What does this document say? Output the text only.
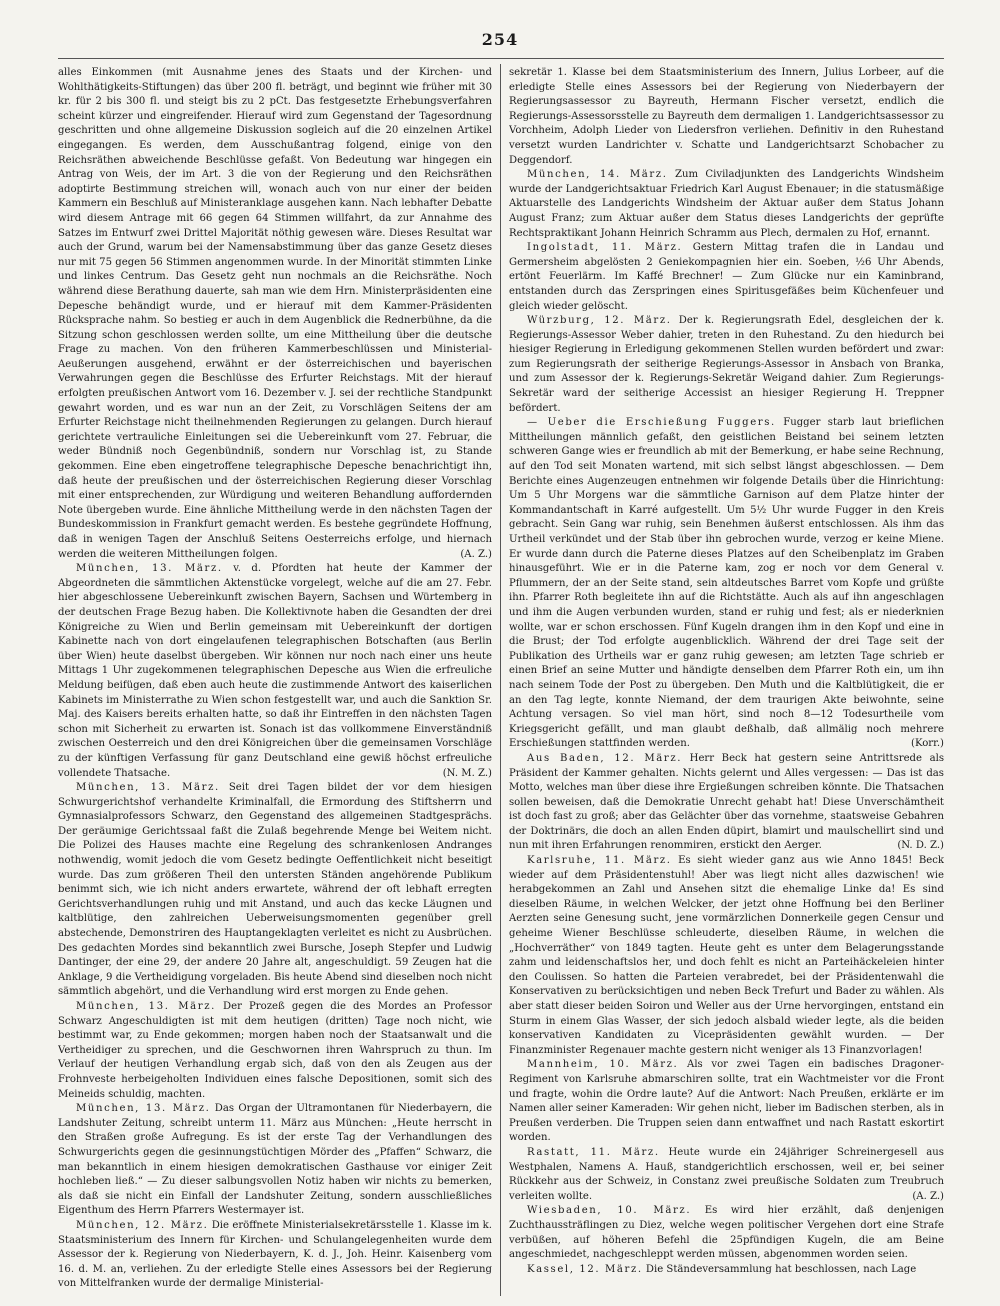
254

alles Einkommen (mit Ausnahme jenes des Staats und der Kirchen- und Wohlthätigkeits-Stiftungen) das über 200 fl. beträgt, und beginnt wie früher mit 30 kr. für 2 bis 300 fl. und steigt bis zu 2 pCt. Das festgesetzte Erhebungsverfahren scheint kürzer und eingreifender. Hierauf wird zum Gegenstand der Tagesordnung geschritten und ohne allgemeine Diskussion sogleich auf die 20 einzelnen Artikel eingegangen. Es werden, dem Ausschußantrag folgend, einige von den Reichsräthen abweichende Beschlüsse gefaßt. Von Bedeutung war hingegen ein Antrag von Weis, der im Art. 3 die von der Regierung und den Reichsräthen adoptirte Bestimmung streichen will, wonach auch von nur einer der beiden Kammern ein Beschluß auf Ministeranklage ausgehen kann. Nach lebhafter Debatte wird diesem Antrage mit 66 gegen 64 Stimmen willfahrt, da zur Annahme des Satzes im Entwurf zwei Drittel Majorität nöthig gewesen wäre. Dieses Resultat war auch der Grund, warum bei der Namensabstimmung über das ganze Gesetz dieses nur mit 75 gegen 56 Stimmen angenommen wurde. In der Minorität stimmten Linke und linkes Centrum. Das Gesetz geht nun nochmals an die Reichsräthe. Noch während diese Berathung dauerte, sah man wie dem Hrn. Ministerpräsidenten eine Depesche behändigt wurde, und er hierauf mit dem Kammer-Präsidenten Rücksprache nahm. So bestieg er auch in dem Augenblick die Rednerbühne, da die Sitzung schon geschlossen werden sollte, um eine Mittheilung über die deutsche Frage zu machen. Von den früheren Kammerbeschlüssen und Ministerial-Aeußerungen ausgehend, erwähnt er der österreichischen und bayerischen Verwahrungen gegen die Beschlüsse des Erfurter Reichstags. Mit der hierauf erfolgten preußischen Antwort vom 16. Dezember v. J. sei der rechtliche Standpunkt gewahrt worden, und es war nun an der Zeit, zu Vorschlägen Seitens der am Erfurter Reichstage nicht theilnehmenden Regierungen zu gelangen. Durch hierauf gerichtete vertrauliche Einleitungen sei die Uebereinkunft vom 27. Februar, die weder Bündniß noch Gegenbündniß, sondern nur Vorschlag ist, zu Stande gekommen. Eine eben eingetroffene telegraphische Depesche benachrichtigt ihn, daß heute der preußischen und der österreichischen Regierung dieser Vorschlag mit einer entsprechenden, zur Würdigung und weiteren Behandlung auffordernden Note übergeben wurde. Eine ähnliche Mittheilung werde in den nächsten Tagen der Bundeskommission in Frankfurt gemacht werden. Es bestehe gegründete Hoffnung, daß in wenigen Tagen der Anschluß Seitens Oesterreichs erfolge, und hiernach werden die weiteren Mittheilungen folgen.	(A. Z.)

München, 13. März. v. d. Pfordten hat heute der Kammer der Abgeordneten die sämmtlichen Aktenstücke vorgelegt, welche auf die am 27. Febr. hier abgeschlossene Uebereinkunft zwischen Bayern, Sachsen und Würtemberg in der deutschen Frage Bezug haben. Die Kollektivnote haben die Gesandten der drei Königreiche zu Wien und Berlin gemeinsam mit Uebereinkunft der dortigen Kabinette nach von dort eingelaufenen telegraphischen Botschaften (aus Berlin über Wien) heute daselbst übergeben. Wir können nur noch nach einer uns heute Mittags 1 Uhr zugekommenen telegraphischen Depesche aus Wien die erfreuliche Meldung beifügen, daß eben auch heute die zustimmende Antwort des kaiserlichen Kabinets im Ministerrathe zu Wien schon festgestellt war, und auch die Sanktion Sr. Maj. des Kaisers bereits erhalten hatte, so daß ihr Eintreffen in den nächsten Tagen schon mit Sicherheit zu erwarten ist. Sonach ist das vollkommene Einverständniß zwischen Oesterreich und den drei Königreichen über die gemeinsamen Vorschläge zu der künftigen Verfassung für ganz Deutschland eine gewiß höchst erfreuliche vollendete Thatsache.	(N. M. Z.)

München, 13. März. Seit drei Tagen bildet der vor dem hiesigen Schwurgerichtshof verhandelte Kriminalfall, die Ermordung des Stiftsherrn und Gymnasialprofessors Schwarz, den Gegenstand des allgemeinen Stadtgesprächs. Der geräumige Gerichtssaal faßt die Zulaß begehrende Menge bei Weitem nicht. Die Polizei des Hauses machte eine Regelung des schrankenlosen Andranges nothwendig, womit jedoch die vom Gesetz bedingte Oeffentlichkeit nicht beseitigt wurde. Das zum größeren Theil den untersten Ständen angehörende Publikum benimmt sich, wie ich nicht anders erwartete, während der oft lebhaft erregten Gerichtsverhandlungen ruhig und mit Anstand, und auch das kecke Läugnen und kaltblütige, den zahlreichen Ueberweisungsmomenten gegenüber grell abstechende, Demonstriren des Hauptangeklagten verleitet es nicht zu Ausbrüchen. Des gedachten Mordes sind bekanntlich zwei Bursche, Joseph Stepfer und Ludwig Dantinger, der eine 29, der andere 20 Jahre alt, angeschuldigt. 59 Zeugen hat die Anklage, 9 die Vertheidigung vorgeladen. Bis heute Abend sind dieselben noch nicht sämmtlich abgehört, und die Verhandlung wird erst morgen zu Ende gehen.

München, 13. März. Der Prozeß gegen die des Mordes an Professor Schwarz Angeschuldigten ist mit dem heutigen (dritten) Tage noch nicht, wie bestimmt war, zu Ende gekommen; morgen haben noch der Staatsanwalt und die Vertheidiger zu sprechen, und die Geschwornen ihren Wahrspruch zu thun. Im Verlauf der heutigen Verhandlung ergab sich, daß von den als Zeugen aus der Frohnveste herbeigeholten Individuen eines falsche Depositionen, somit sich des Meineids schuldig, machten.

München, 13. März. Das Organ der Ultramontanen für Niederbayern, die Landshuter Zeitung, schreibt unterm 11. März aus München: „Heute herrscht in den Straßen große Aufregung. Es ist der erste Tag der Verhandlungen des Schwurgerichts gegen die gesinnungstüchtigen Mörder des „Pfaffen“ Schwarz, die man bekanntlich in einem hiesigen demokratischen Gasthause vor einiger Zeit hochleben ließ.“ — Zu dieser salbungsvollen Notiz haben wir nichts zu bemerken, als daß sie nicht ein Einfall der Landshuter Zeitung, sondern ausschließliches Eigenthum des Herrn Pfarrers Westermayer ist.

München, 12. März. Die eröffnete Ministerialsekretärsstelle 1. Klasse im k. Staatsministerium des Innern für Kirchen- und Schulangelegenheiten wurde dem Assessor der k. Regierung von Niederbayern, K. d. J., Joh. Heinr. Kaisenberg vom 16. d. M. an, verliehen. Zu der erledigte Stelle eines Assessors bei der Regierung von Mittelfranken wurde der dermalige Ministerial-

sekretär 1. Klasse bei dem Staatsministerium des Innern, Julius Lorbeer, auf die erledigte Stelle eines Assessors bei der Regierung von Niederbayern der Regierungsassessor zu Bayreuth, Hermann Fischer versetzt, endlich die Regierungs-Assessorsstelle zu Bayreuth dem dermaligen 1. Landgerichtsassessor zu Vorchheim, Adolph Lieder von Liedersfron verliehen. Definitiv in den Ruhestand versetzt wurden Landrichter v. Schatte und Landgerichtsarzt Schobacher zu Deggendorf.

München, 14. März. Zum Civiladjunkten des Landgerichts Windsheim wurde der Landgerichtsaktuar Friedrich Karl August Ebenauer; in die statusmäßige Aktuarstelle des Landgerichts Windsheim der Aktuar außer dem Status Johann August Franz; zum Aktuar außer dem Status dieses Landgerichts der geprüfte Rechtspraktikant Johann Heinrich Schramm aus Plech, dermalen zu Hof, ernannt.

Ingolstadt, 11. März. Gestern Mittag trafen die in Landau und Germersheim abgelösten 2 Geniekompagnien hier ein. Soeben, ½6 Uhr Abends, ertönt Feuerlärm. Im Kaffé Brechner! — Zum Glücke nur ein Kaminbrand, entstanden durch das Zerspringen eines Spiritusgefäßes beim Küchenfeuer und gleich wieder gelöscht.

Würzburg, 12. März. Der k. Regierungsrath Edel, desgleichen der k. Regierungs-Assessor Weber dahier, treten in den Ruhestand. Zu den hiedurch bei hiesiger Regierung in Erledigung gekommenen Stellen wurden befördert und zwar: zum Regierungsrath der seitherige Regierungs-Assessor in Ansbach von Branka, und zum Assessor der k. Regierungs-Sekretär Weigand dahier. Zum Regierungs-Sekretär ward der seitherige Accessist an hiesiger Regierung H. Treppner befördert.

— Ueber die Erschießung Fuggers. Fugger starb laut brieflichen Mittheilungen männlich gefaßt, den geistlichen Beistand bei seinem letzten schweren Gange wies er freundlich ab mit der Bemerkung, er habe seine Rechnung, auf den Tod seit Monaten wartend, mit sich selbst längst abgeschlossen. — Dem Berichte eines Augenzeugen entnehmen wir folgende Details über die Hinrichtung: Um 5 Uhr Morgens war die sämmtliche Garnison auf dem Platze hinter der Kommandantschaft in Karré aufgestellt. Um 5½ Uhr wurde Fugger in den Kreis gebracht. Sein Gang war ruhig, sein Benehmen äußerst entschlossen. Als ihm das Urtheil verkündet und der Stab über ihn gebrochen wurde, verzog er keine Miene. Er wurde dann durch die Paterne dieses Platzes auf den Scheibenplatz im Graben hinausgeführt. Wie er in die Paterne kam, zog er noch vor dem General v. Pflummern, der an der Seite stand, sein altdeutsches Barret vom Kopfe und grüßte ihn. Pfarrer Roth begleitete ihn auf die Richtstätte. Auch als auf ihn angeschlagen und ihm die Augen verbunden wurden, stand er ruhig und fest; als er niederknien wollte, war er schon erschossen. Fünf Kugeln drangen ihm in den Kopf und eine in die Brust; der Tod erfolgte augenblicklich. Während der drei Tage seit der Publikation des Urtheils war er ganz ruhig gewesen; am letzten Tage schrieb er einen Brief an seine Mutter und händigte denselben dem Pfarrer Roth ein, um ihn nach seinem Tode der Post zu übergeben. Den Muth und die Kaltblütigkeit, die er an den Tag legte, konnte Niemand, der dem traurigen Akte beiwohnte, seine Achtung versagen. So viel man hört, sind noch 8—12 Todesurtheile vom Kriegsgericht gefällt, und man glaubt deßhalb, daß allmälig noch mehrere Erschießungen stattfinden werden.	(Korr.)

Aus Baden, 12. März. Herr Beck hat gestern seine Antrittsrede als Präsident der Kammer gehalten. Nichts gelernt und Alles vergessen: — Das ist das Motto, welches man über diese ihre Ergießungen schreiben könnte. Die Thatsachen sollen beweisen, daß die Demokratie Unrecht gehabt hat! Diese Unverschämtheit ist doch fast zu groß; aber das Gelächter über das vornehme, staatsweise Gebahren der Doktrinärs, die doch an allen Enden düpirt, blamirt und maulschellirt sind und nun mit ihren Erfahrungen renommiren, erstickt den Aerger.	(N. D. Z.)

Karlsruhe, 11. März. Es sieht wieder ganz aus wie Anno 1845! Beck wieder auf dem Präsidentenstuhl! Aber was liegt nicht alles dazwischen! wie herabgekommen an Zahl und Ansehen sitzt die ehemalige Linke da! Es sind dieselben Räume, in welchen Welcker, der jetzt ohne Hoffnung bei den Berliner Aerzten seine Genesung sucht, jene vormärzlichen Donnerkeile gegen Censur und geheime Wiener Beschlüsse schleuderte, dieselben Räume, in welchen die „Hochverräther“ von 1849 tagten. Heute geht es unter dem Belagerungsstande zahm und leidenschaftslos her, und doch fehlt es nicht an Parteihäckeleien hinter den Coulissen. So hatten die Parteien verabredet, bei der Präsidentenwahl die Konservativen zu berücksichtigen und neben Beck Trefurt und Bader zu wählen. Als aber statt dieser beiden Soiron und Weller aus der Urne hervorgingen, entstand ein Sturm in einem Glas Wasser, der sich jedoch alsbald wieder legte, als die beiden konservativen Kandidaten zu Vicepräsidenten gewählt wurden. — Der Finanzminister Regenauer machte gestern nicht weniger als 13 Finanzvorlagen!

Mannheim, 10. März. Als vor zwei Tagen ein badisches Dragoner-Regiment von Karlsruhe abmarschiren sollte, trat ein Wachtmeister vor die Front und fragte, wohin die Ordre laute? Auf die Antwort: Nach Preußen, erklärte er im Namen aller seiner Kameraden: Wir gehen nicht, lieber im Badischen sterben, als in Preußen verderben. Die Truppen seien dann entwaffnet und nach Rastatt eskortirt worden.

Rastatt, 11. März. Heute wurde ein 24jähriger Schreinergesell aus Westphalen, Namens A. Hauß, standgerichtlich erschossen, weil er, bei seiner Rückkehr aus der Schweiz, in Constanz zwei preußische Soldaten zum Treubruch verleiten wollte.	(A. Z.)

Wiesbaden, 10. März. Es wird hier erzählt, daß denjenigen Zuchthaussträflingen zu Diez, welche wegen politischer Vergehen dort eine Strafe verbüßen, auf höheren Befehl die 25pfündigen Kugeln, die am Beine angeschmiedet, nachgeschleppt werden müssen, abgenommen worden seien.

Kassel, 12. März. Die Ständeversammlung hat beschlossen, nach Lage
